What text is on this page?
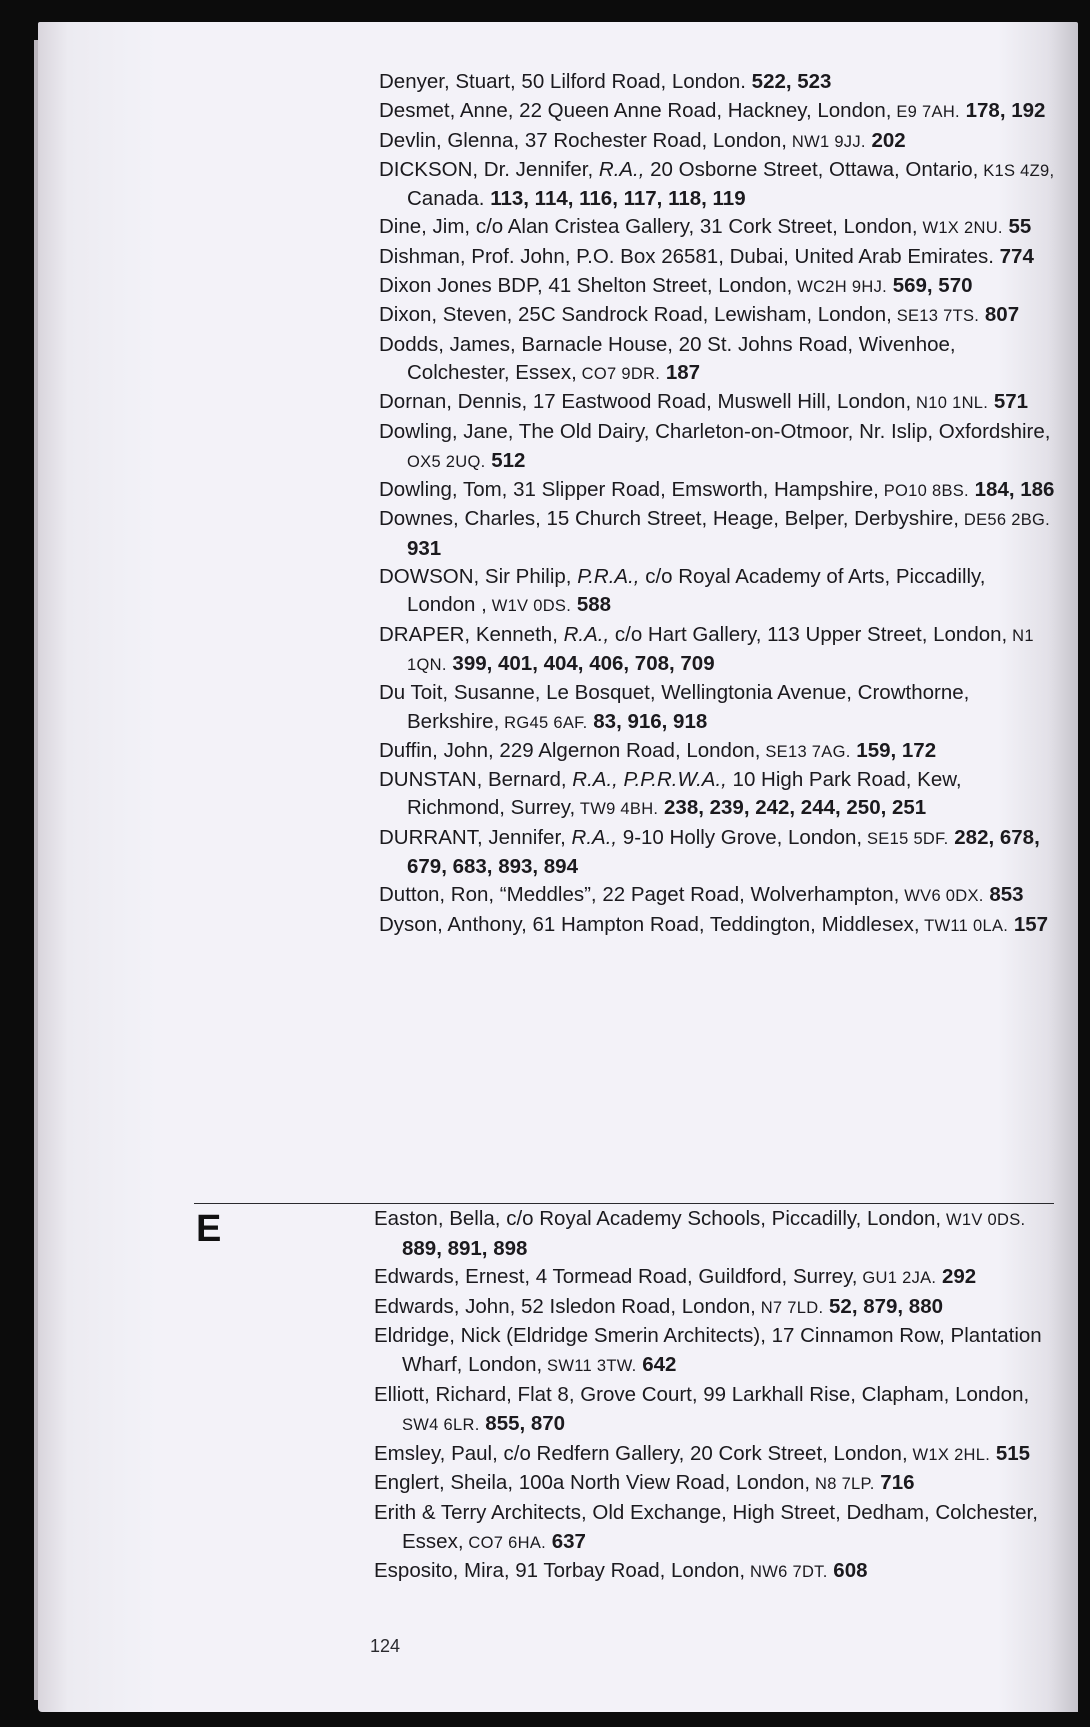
Denyer, Stuart, 50 Lilford Road, London. 522, 523
Desmet, Anne, 22 Queen Anne Road, Hackney, London, E9 7AH. 178, 192
Devlin, Glenna, 37 Rochester Road, London, NW1 9JJ. 202
DICKSON, Dr. Jennifer, R.A., 20 Osborne Street, Ottawa, Ontario, K1S 4Z9, Canada. 113, 114, 116, 117, 118, 119
Dine, Jim, c/o Alan Cristea Gallery, 31 Cork Street, London, W1X 2NU. 55
Dishman, Prof. John, P.O. Box 26581, Dubai, United Arab Emirates. 774
Dixon Jones BDP, 41 Shelton Street, London, WC2H 9HJ. 569, 570
Dixon, Steven, 25C Sandrock Road, Lewisham, London, SE13 7TS. 807
Dodds, James, Barnacle House, 20 St. Johns Road, Wivenhoe, Colchester, Essex, CO7 9DR. 187
Dornan, Dennis, 17 Eastwood Road, Muswell Hill, London, N10 1NL. 571
Dowling, Jane, The Old Dairy, Charleton-on-Otmoor, Nr. Islip, Oxfordshire, OX5 2UQ. 512
Dowling, Tom, 31 Slipper Road, Emsworth, Hampshire, PO10 8BS. 184, 186
Downes, Charles, 15 Church Street, Heage, Belper, Derbyshire, DE56 2BG. 931
DOWSON, Sir Philip, P.R.A., c/o Royal Academy of Arts, Piccadilly, London , W1V 0DS. 588
DRAPER, Kenneth, R.A., c/o Hart Gallery, 113 Upper Street, London, N1 1QN. 399, 401, 404, 406, 708, 709
Du Toit, Susanne, Le Bosquet, Wellingtonia Avenue, Crowthorne, Berkshire, RG45 6AF. 83, 916, 918
Duffin, John, 229 Algernon Road, London, SE13 7AG. 159, 172
DUNSTAN, Bernard, R.A., P.P.R.W.A., 10 High Park Road, Kew, Richmond, Surrey, TW9 4BH. 238, 239, 242, 244, 250, 251
DURRANT, Jennifer, R.A., 9-10 Holly Grove, London, SE15 5DF. 282, 678, 679, 683, 893, 894
Dutton, Ron, “Meddles”, 22 Paget Road, Wolverhampton, WV6 0DX. 853
Dyson, Anthony, 61 Hampton Road, Teddington, Middlesex, TW11 0LA. 157
E	Easton, Bella, c/o Royal Academy Schools, Piccadilly, London, W1V 0DS. 889, 891, 898
Edwards, Ernest, 4 Tormead Road, Guildford, Surrey, GU1 2JA. 292
Edwards, John, 52 Isledon Road, London, N7 7LD. 52, 879, 880
Eldridge, Nick (Eldridge Smerin Architects), 17 Cinnamon Row, Plantation Wharf, London, SW11 3TW. 642
Elliott, Richard, Flat 8, Grove Court, 99 Larkhall Rise, Clapham, London, SW4 6LR. 855, 870
Emsley, Paul, c/o Redfern Gallery, 20 Cork Street, London, W1X 2HL. 515
Englert, Sheila, 100a North View Road, London, N8 7LP. 716
Erith & Terry Architects, Old Exchange, High Street, Dedham, Colchester, Essex, CO7 6HA. 637
Esposito, Mira, 91 Torbay Road, London, NW6 7DT. 608
124
